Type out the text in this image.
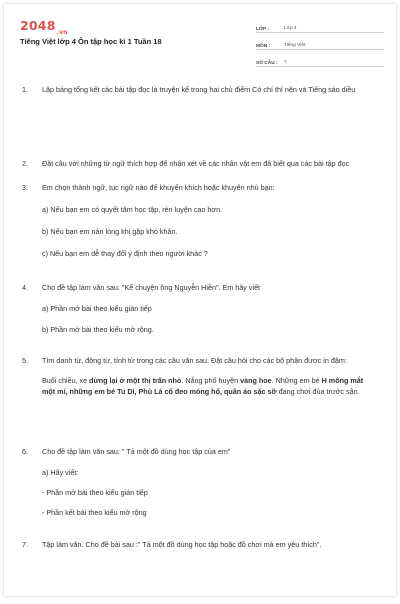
$2048_{.vn}$
Tiếng Việt lớp 4 Ôn tập học kì 1 Tuần 18
LỚP :	Lớp 4
MÔN :	Tiếng Việt
SỐ CÂU :	7
1. Lập bảng tổng kết các bài tập đọc là truyện kể trong hai chủ điểm Có chí thì nên và Tiếng sáo diều
2. Đặt câu với những từ ngữ thích hợp để nhận xét về các nhân vật em đã biết qua các bài tập đọc
3. Em chọn thành ngữ, tục ngữ nào để khuyến khích hoặc khuyên nhủ bạn:
a) Nếu bạn em có quyết tâm học tập, rèn luyện cao hơn.
b) Nếu bạn em nản lòng khi gặp khó khăn.
c) Nếu bạn em dễ thay đổi ý định theo người khác ?
4. Cho đề tập làm văn sau: "Kể chuyện ông Nguyễn Hiền". Em hãy viết
a) Phần mở bài theo kiểu gián tiếp
b) Phần mở bài theo kiểu mở rộng.
5. Tìm danh từ, động từ, tính từ trong các câu văn sau. Đặt câu hỏi cho các bộ phận được in đậm:
Buổi chiều, xe dừng lại ở một thị trấn nhỏ. Nắng phố huyện vàng hoe. Những em bé H mông mắt một mí, những em bé Tu Dí, Phù Lá cổ đeo móng hổ, quần áo sặc sỡ đang chơi đùa trước sân.
6. Cho đề tập làm văn sau: " Tả một đồ dùng học tập của em"
a) Hãy viết:
- Phần mở bài theo kiểu gián tiếp
- Phần kết bài theo kiểu mở rộng
7. Tập làm văn. Cho đề bài sau :" Tả một đồ dùng học tập hoặc đồ chơi mà em yêu thích".
